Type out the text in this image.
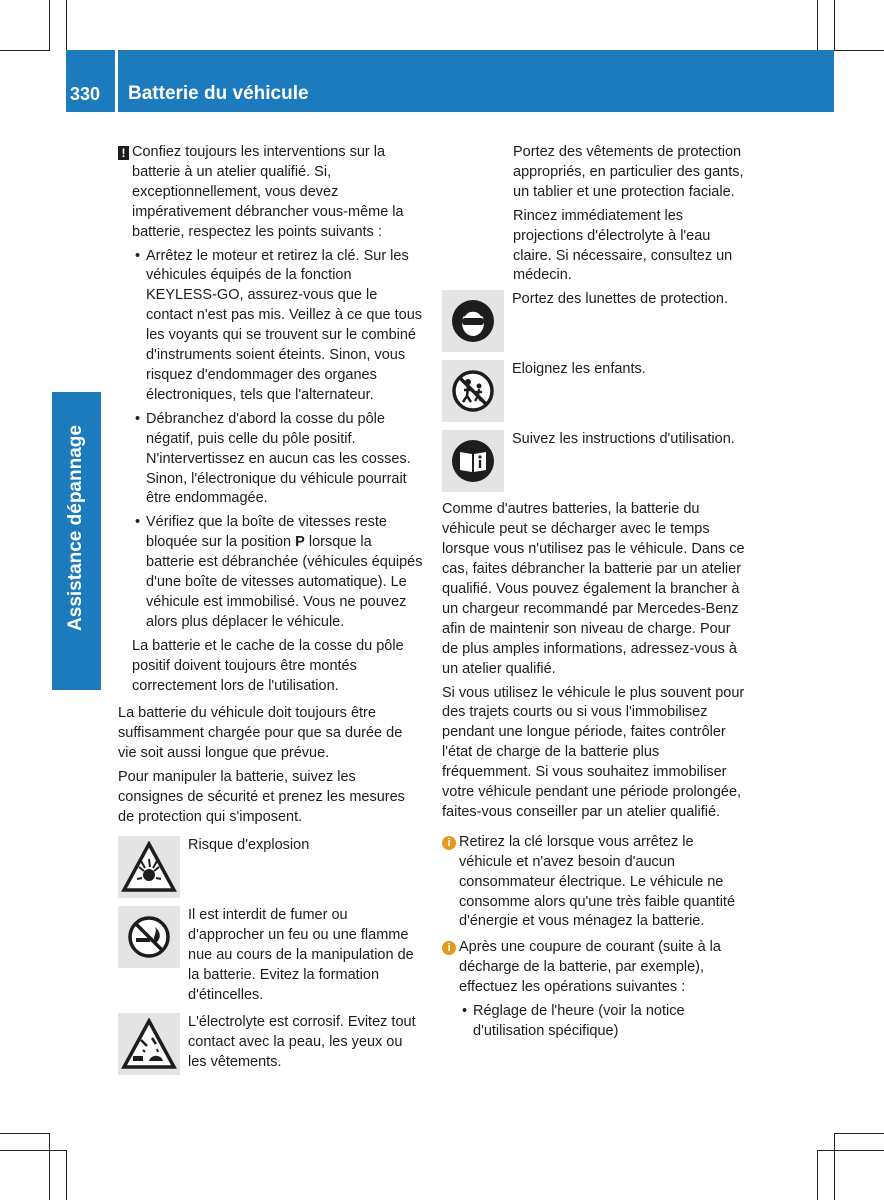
330 Batterie du véhicule
Assistance dépannage
! Confiez toujours les interventions sur la batterie à un atelier qualifié. Si, exceptionnellement, vous devez impérativement débrancher vous-même la batterie, respectez les points suivants :

• Arrêtez le moteur et retirez la clé. Sur les véhicules équipés de la fonction KEYLESS-GO, assurez-vous que le contact n'est pas mis. Veillez à ce que tous les voyants qui se trouvent sur le combiné d'instruments soient éteints. Sinon, vous risquez d'endommager des organes électroniques, tels que l'alternateur.
• Débranchez d'abord la cosse du pôle négatif, puis celle du pôle positif. N'intervertissez en aucun cas les cosses. Sinon, l'électronique du véhicule pourrait être endommagée.
• Vérifiez que la boîte de vitesses reste bloquée sur la position P lorsque la batterie est débranchée (véhicules équipés d'une boîte de vitesses automatique). Le véhicule est immobilisé. Vous ne pouvez alors plus déplacer le véhicule.

La batterie et le cache de la cosse du pôle positif doivent toujours être montés correctement lors de l'utilisation.

La batterie du véhicule doit toujours être suffisamment chargée pour que sa durée de vie soit aussi longue que prévue.

Pour manipuler la batterie, suivez les consignes de sécurité et prenez les mesures de protection qui s'imposent.

Risque d'explosion
Il est interdit de fumer ou d'approcher un feu ou une flamme nue au cours de la manipulation de la batterie. Evitez la formation d'étincelles.
L'électrolyte est corrosif. Evitez tout contact avec la peau, les yeux ou les vêtements.

Portez des vêtements de protection appropriés, en particulier des gants, un tablier et une protection faciale.

Rincez immédiatement les projections d'électrolyte à l'eau claire. Si nécessaire, consultez un médecin.

Portez des lunettes de protection.
Eloignez les enfants.
Suivez les instructions d'utilisation.

Comme d'autres batteries, la batterie du véhicule peut se décharger avec le temps lorsque vous n'utilisez pas le véhicule. Dans ce cas, faites débrancher la batterie par un atelier qualifié. Vous pouvez également la brancher à un chargeur recommandé par Mercedes-Benz afin de maintenir son niveau de charge. Pour de plus amples informations, adressez-vous à un atelier qualifié.

Si vous utilisez le véhicule le plus souvent pour des trajets courts ou si vous l'immobilisez pendant une longue période, faites contrôler l'état de charge de la batterie plus fréquemment. Si vous souhaitez immobiliser votre véhicule pendant une période prolongée, faites-vous conseiller par un atelier qualifié.

i Retirez la clé lorsque vous arrêtez le véhicule et n'avez besoin d'aucun consommateur électrique. Le véhicule ne consomme alors qu'une très faible quantité d'énergie et vous ménagez la batterie.

i Après une coupure de courant (suite à la décharge de la batterie, par exemple), effectuez les opérations suivantes :

• Réglage de l'heure (voir la notice d'utilisation spécifique)
